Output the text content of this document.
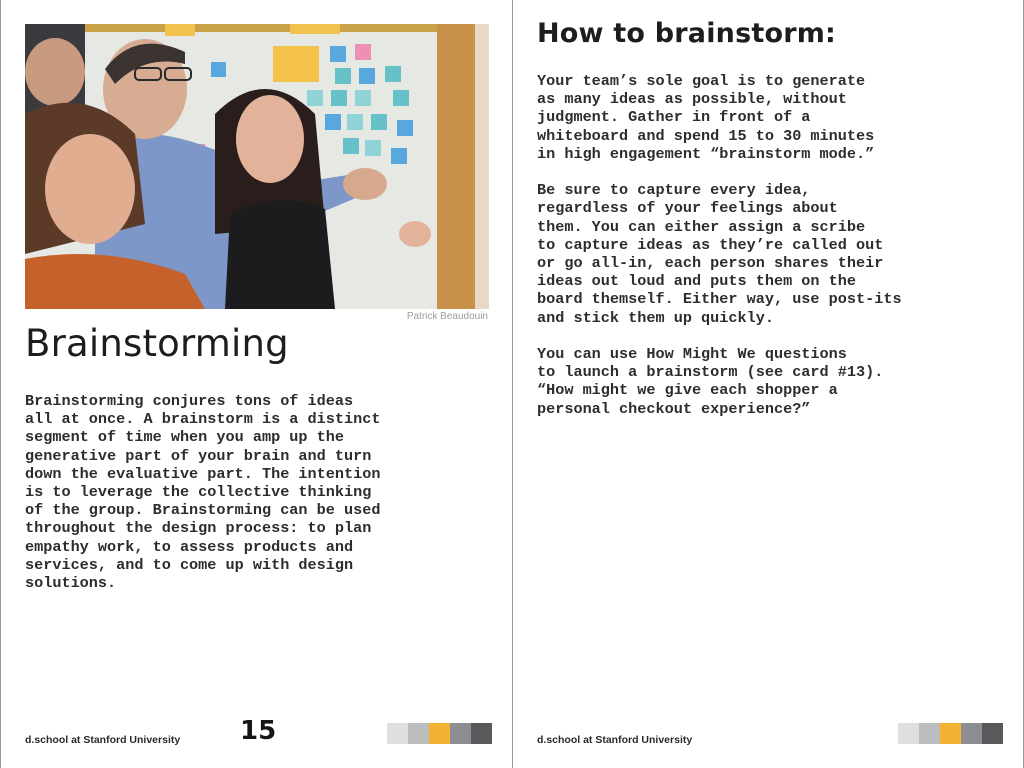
Patrick Beaudouin
Brainstorming
Brainstorming conjures tons of ideas
all at once. A brainstorm is a distinct
segment of time when you amp up the
generative part of your brain and turn
down the evaluative part. The intention
is to leverage the collective thinking
of the group. Brainstorming can be used
throughout the design process: to plan
empathy work, to assess products and
services, and to come up with design
solutions.
d.school at Stanford University 15
How to brainstorm:
Your team’s sole goal is to generate
as many ideas as possible, without
judgment. Gather in front of a
whiteboard and spend 15 to 30 minutes
in high engagement “brainstorm mode.”
Be sure to capture every idea,
regardless of your feelings about
them. You can either assign a scribe
to capture ideas as they’re called out
or go all-in, each person shares their
ideas out loud and puts them on the
board themself. Either way, use post-its
and stick them up quickly.
You can use How Might We questions
to launch a brainstorm (see card #13).
“How might we give each shopper a
personal checkout experience?”
d.school at Stanford University
